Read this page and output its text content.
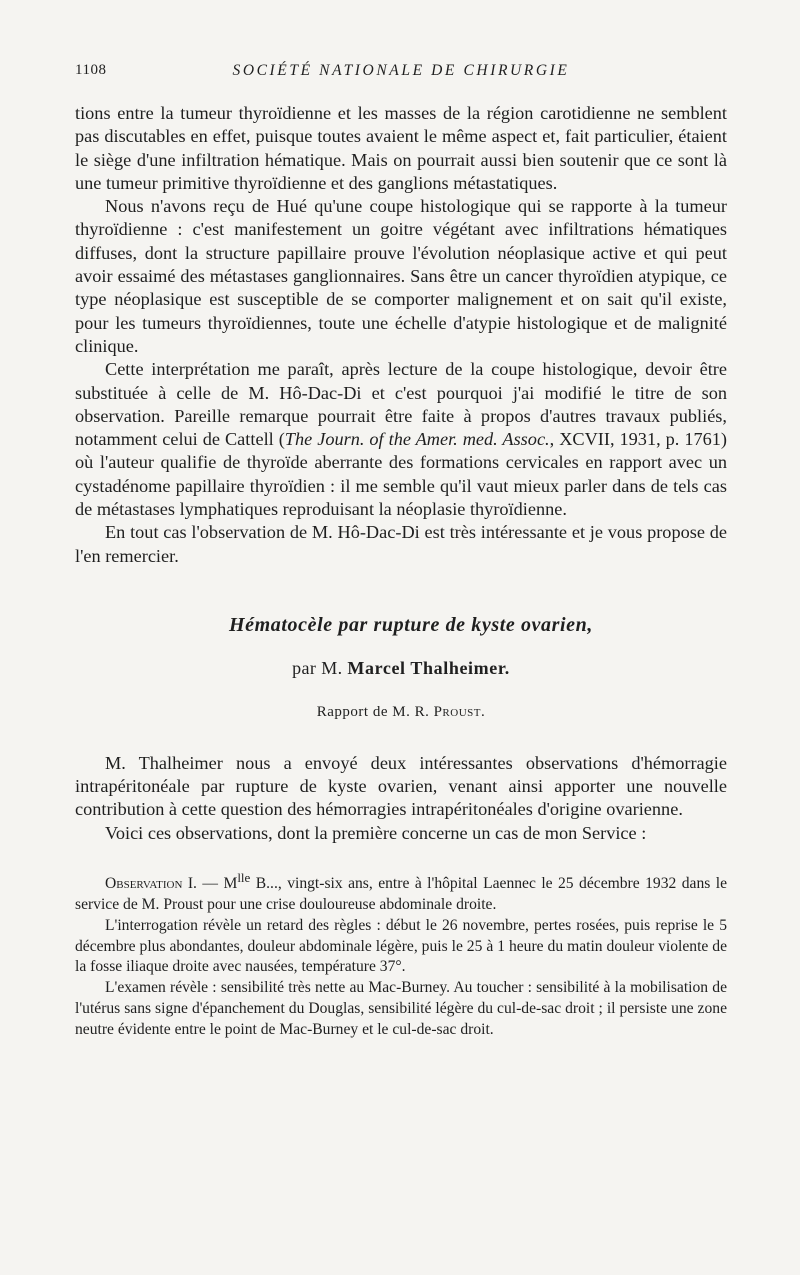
1108	SOCIÉTÉ NATIONALE DE CHIRURGIE

tions entre la tumeur thyroïdienne et les masses de la région carotidienne ne semblent pas discutables en effet, puisque toutes avaient le même aspect et, fait particulier, étaient le siège d'une infiltration hématique. Mais on pourrait aussi bien soutenir que ce sont là une tumeur primitive thyroïdienne et des ganglions métastatiques.

Nous n'avons reçu de Hué qu'une coupe histologique qui se rapporte à la tumeur thyroïdienne : c'est manifestement un goitre végétant avec infiltrations hématiques diffuses, dont la structure papillaire prouve l'évolution néoplasique active et qui peut avoir essaimé des métastases ganglionnaires. Sans être un cancer thyroïdien atypique, ce type néoplasique est susceptible de se comporter malignement et on sait qu'il existe, pour les tumeurs thyroïdiennes, toute une échelle d'atypie histologique et de malignité clinique.

Cette interprétation me paraît, après lecture de la coupe histologique, devoir être substituée à celle de M. Hô-Dac-Di et c'est pourquoi j'ai modifié le titre de son observation. Pareille remarque pourrait être faite à propos d'autres travaux publiés, notamment celui de Cattell (The Journ. of the Amer. med. Assoc., XCVII, 1931, p. 1761) où l'auteur qualifie de thyroïde aberrante des formations cervicales en rapport avec un cystadénome papillaire thyroïdien : il me semble qu'il vaut mieux parler dans de tels cas de métastases lymphatiques reproduisant la néoplasie thyroïdienne.

En tout cas l'observation de M. Hô-Dac-Di est très intéressante et je vous propose de l'en remercier.

Hématocèle par rupture de kyste ovarien,
par M. Marcel Thalheimer.
Rapport de M. R. Proust.

M. Thalheimer nous a envoyé deux intéressantes observations d'hémorragie intrapéritonéale par rupture de kyste ovarien, venant ainsi apporter une nouvelle contribution à cette question des hémorragies intrapéritonéales d'origine ovarienne.

Voici ces observations, dont la première concerne un cas de mon Service :

Observation I. — $M^{lle}$ B..., vingt-six ans, entre à l'hôpital Laennec le 25 décembre 1932 dans le service de M. Proust pour une crise douloureuse abdominale droite.

L'interrogation révèle un retard des règles : début le 26 novembre, pertes rosées, puis reprise le 5 décembre plus abondantes, douleur abdominale légère, puis le 25 à 1 heure du matin douleur violente de la fosse iliaque droite avec nausées, température 37°.

L'examen révèle : sensibilité très nette au Mac-Burney. Au toucher : sensibilité à la mobilisation de l'utérus sans signe d'épanchement du Douglas, sensibilité légère du cul-de-sac droit ; il persiste une zone neutre évidente entre le point de Mac-Burney et le cul-de-sac droit.
